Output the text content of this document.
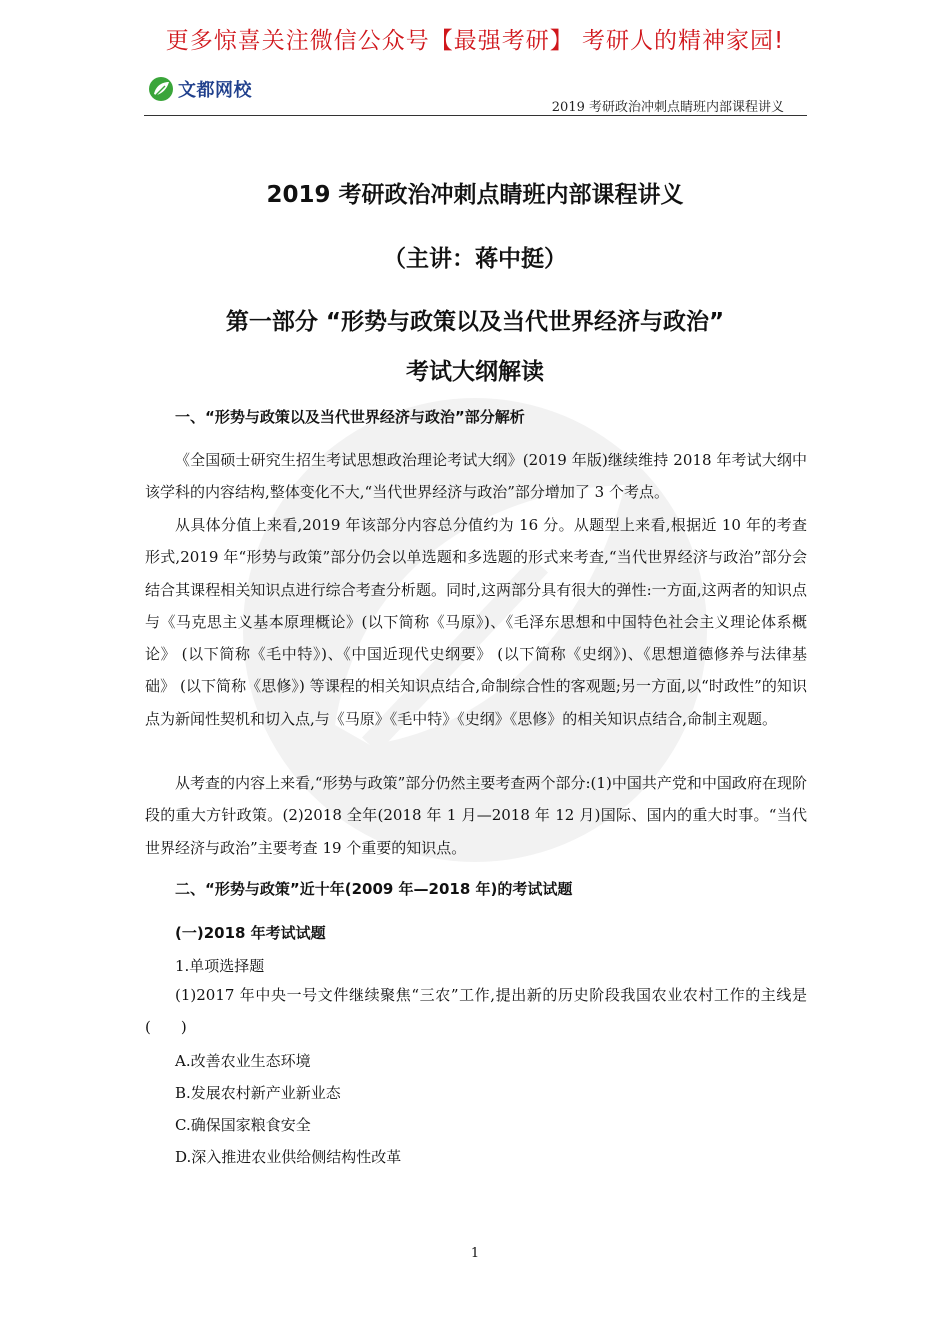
更多惊喜关注微信公众号【最强考研】 考研人的精神家园!
文都网校
2019 考研政治冲刺点睛班内部课程讲义
2019 考研政治冲刺点睛班内部课程讲义
（主讲：蒋中挺）
第一部分 “形势与政策以及当代世界经济与政治”
考试大纲解读
一、“形势与政策以及当代世界经济与政治”部分解析
《全国硕士研究生招生考试思想政治理论考试大纲》(2019 年版)继续维持 2018 年考试大纲中该学科的内容结构,整体变化不大,“当代世界经济与政治”部分增加了 3 个考点。
从具体分值上来看,2019 年该部分内容总分值约为 16 分。从题型上来看,根据近 10 年的考查形式,2019 年“形势与政策”部分仍会以单选题和多选题的形式来考查,“当代世界经济与政治”部分会结合其课程相关知识点进行综合考查分析题。同时,这两部分具有很大的弹性:一方面,这两者的知识点与《马克思主义基本原理概论》(以下简称《马原》)、《毛泽东思想和中国特色社会主义理论体系概论》 (以下简称《毛中特》)、《中国近现代史纲要》 (以下简称《史纲》)、《思想道德修养与法律基础》 (以下简称《思修》) 等课程的相关知识点结合,命制综合性的客观题;另一方面,以“时政性”的知识点为新闻性契机和切入点,与《马原》《毛中特》《史纲》《思修》的相关知识点结合,命制主观题。
从考查的内容上来看,“形势与政策”部分仍然主要考查两个部分:(1)中国共产党和中国政府在现阶段的重大方针政策。(2)2018 全年(2018 年 1 月—2018 年 12 月)国际、国内的重大时事。“当代世界经济与政治”主要考查 19 个重要的知识点。
二、“形势与政策”近十年(2009 年—2018 年)的考试试题
(一)2018 年考试试题
1.单项选择题
(1)2017 年中央一号文件继续聚焦“三农”工作,提出新的历史阶段我国农业农村工作的主线是(　　)
A.改善农业生态环境
B.发展农村新产业新业态
C.确保国家粮食安全
D.深入推进农业供给侧结构性改革
1
